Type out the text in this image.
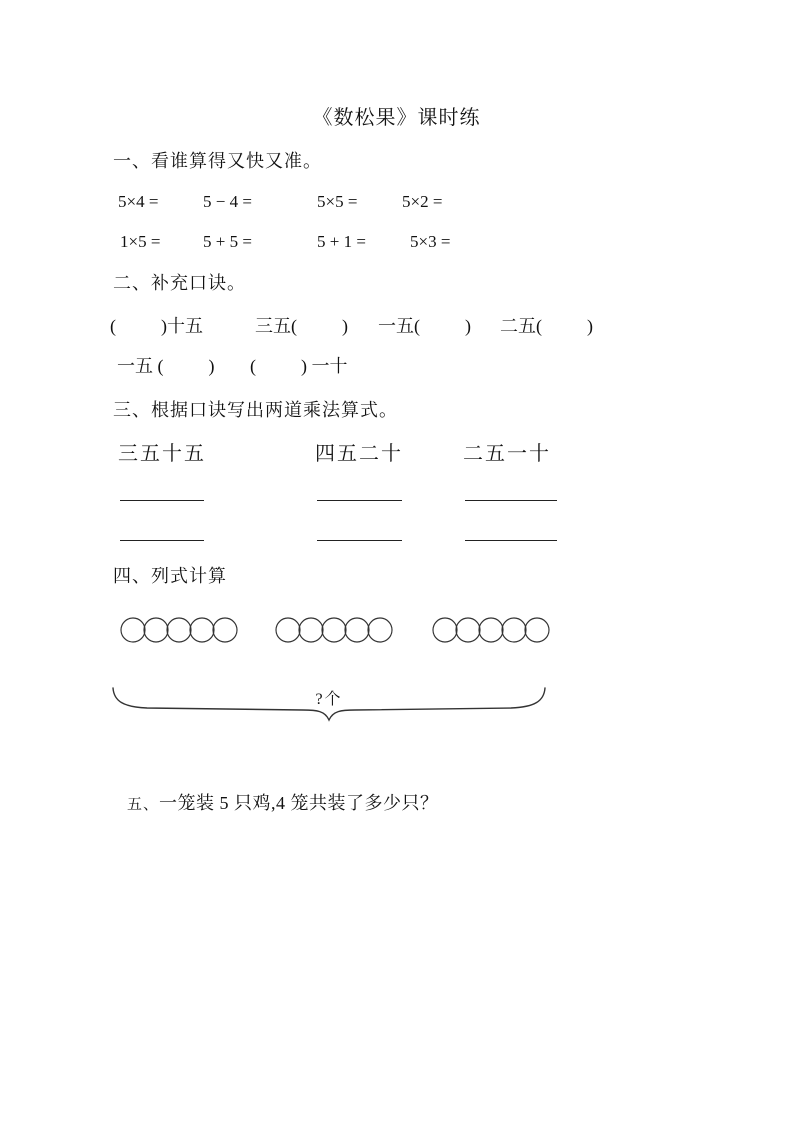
《数松果》课时练
一、看谁算得又快又准。
5×4 =	5 − 4 =	5×5 =	5×2 =
1×5 =	5 + 5 =	5 + 1 =	5×3 =
二、补充口诀。
(          )十五	三五(          ) 一五(          ) 二五(          )
一五 (          ) (          ) 一十
三、根据口诀写出两道乘法算式。
三五十五	四五二十	二五一十
四、列式计算

?个

五、一笼装 5 只鸡,4 笼共装了多少只？
